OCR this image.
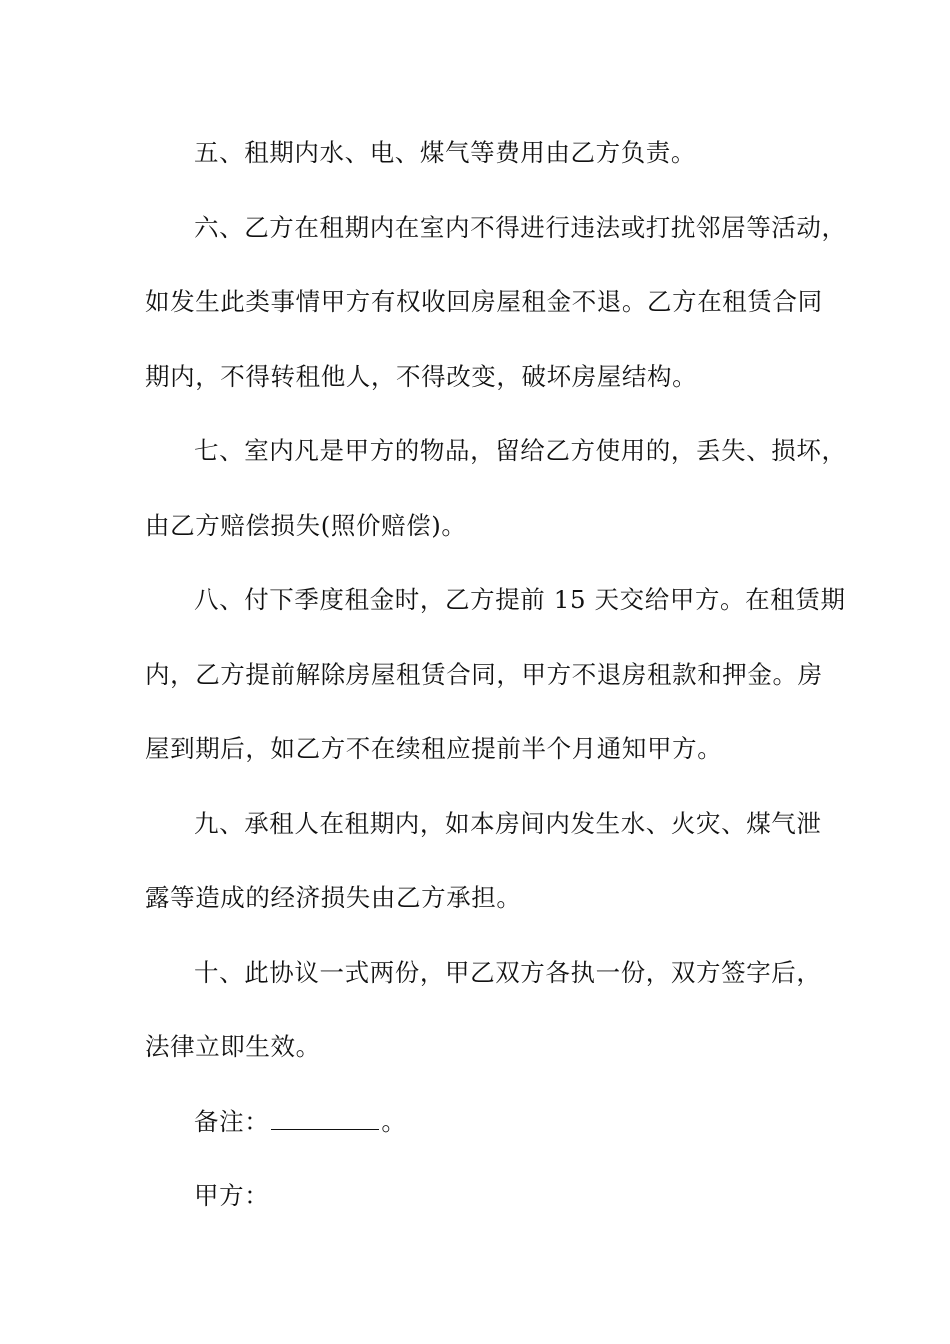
五、租期内水、电、煤气等费用由乙方负责。
六、乙方在租期内在室内不得进行违法或打扰邻居等活动，
如发生此类事情甲方有权收回房屋租金不退。乙方在租赁合同
期内，不得转租他人，不得改变，破坏房屋结构。
七、室内凡是甲方的物品，留给乙方使用的，丢失、损坏，
由乙方赔偿损失(照价赔偿)。
八、付下季度租金时，乙方提前 15 天交给甲方。在租赁期
内，乙方提前解除房屋租赁合同，甲方不退房租款和押金。房
屋到期后，如乙方不在续租应提前半个月通知甲方。
九、承租人在租期内，如本房间内发生水、火灾、煤气泄
露等造成的经济损失由乙方承担。
十、此协议一式两份，甲乙双方各执一份，双方签字后，
法律立即生效。
备注：	。
甲方：
